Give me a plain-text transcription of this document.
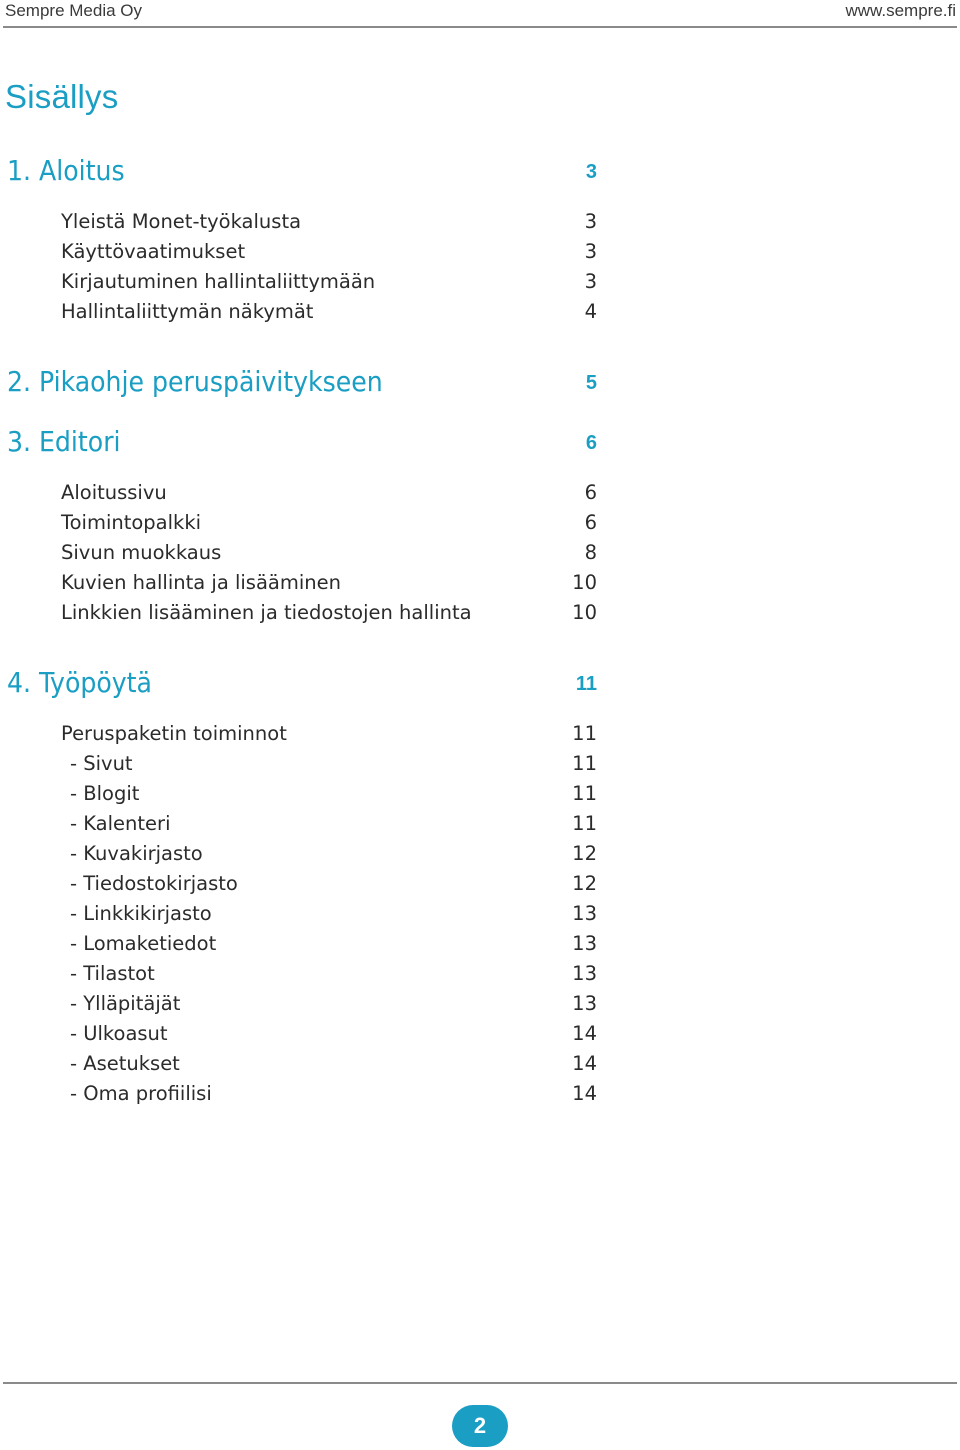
Sempre Media Oy	www.sempre.fi
Sisällys
1. Aloitus	3
Yleistä Monet-työkalusta	3
Käyttövaatimukset	3
Kirjautuminen hallintaliittymään	3
Hallintaliittymän näkymät	4
2. Pikaohje peruspäivitykseen	5
3. Editori	6
Aloitussivu	6
Toimintopalkki	6
Sivun muokkaus	8
Kuvien hallinta ja lisääminen	10
Linkkien lisääminen ja tiedostojen hallinta	10
4. Työpöytä	11
Peruspaketin toiminnot	11
- Sivut	11
- Blogit	11
- Kalenteri	11
- Kuvakirjasto	12
- Tiedostokirjasto	12
- Linkkikirjasto	13
- Lomaketiedot	13
- Tilastot	13
- Ylläpitäjät	13
- Ulkoasut	14
- Asetukset	14
- Oma profiilisi	14
2
